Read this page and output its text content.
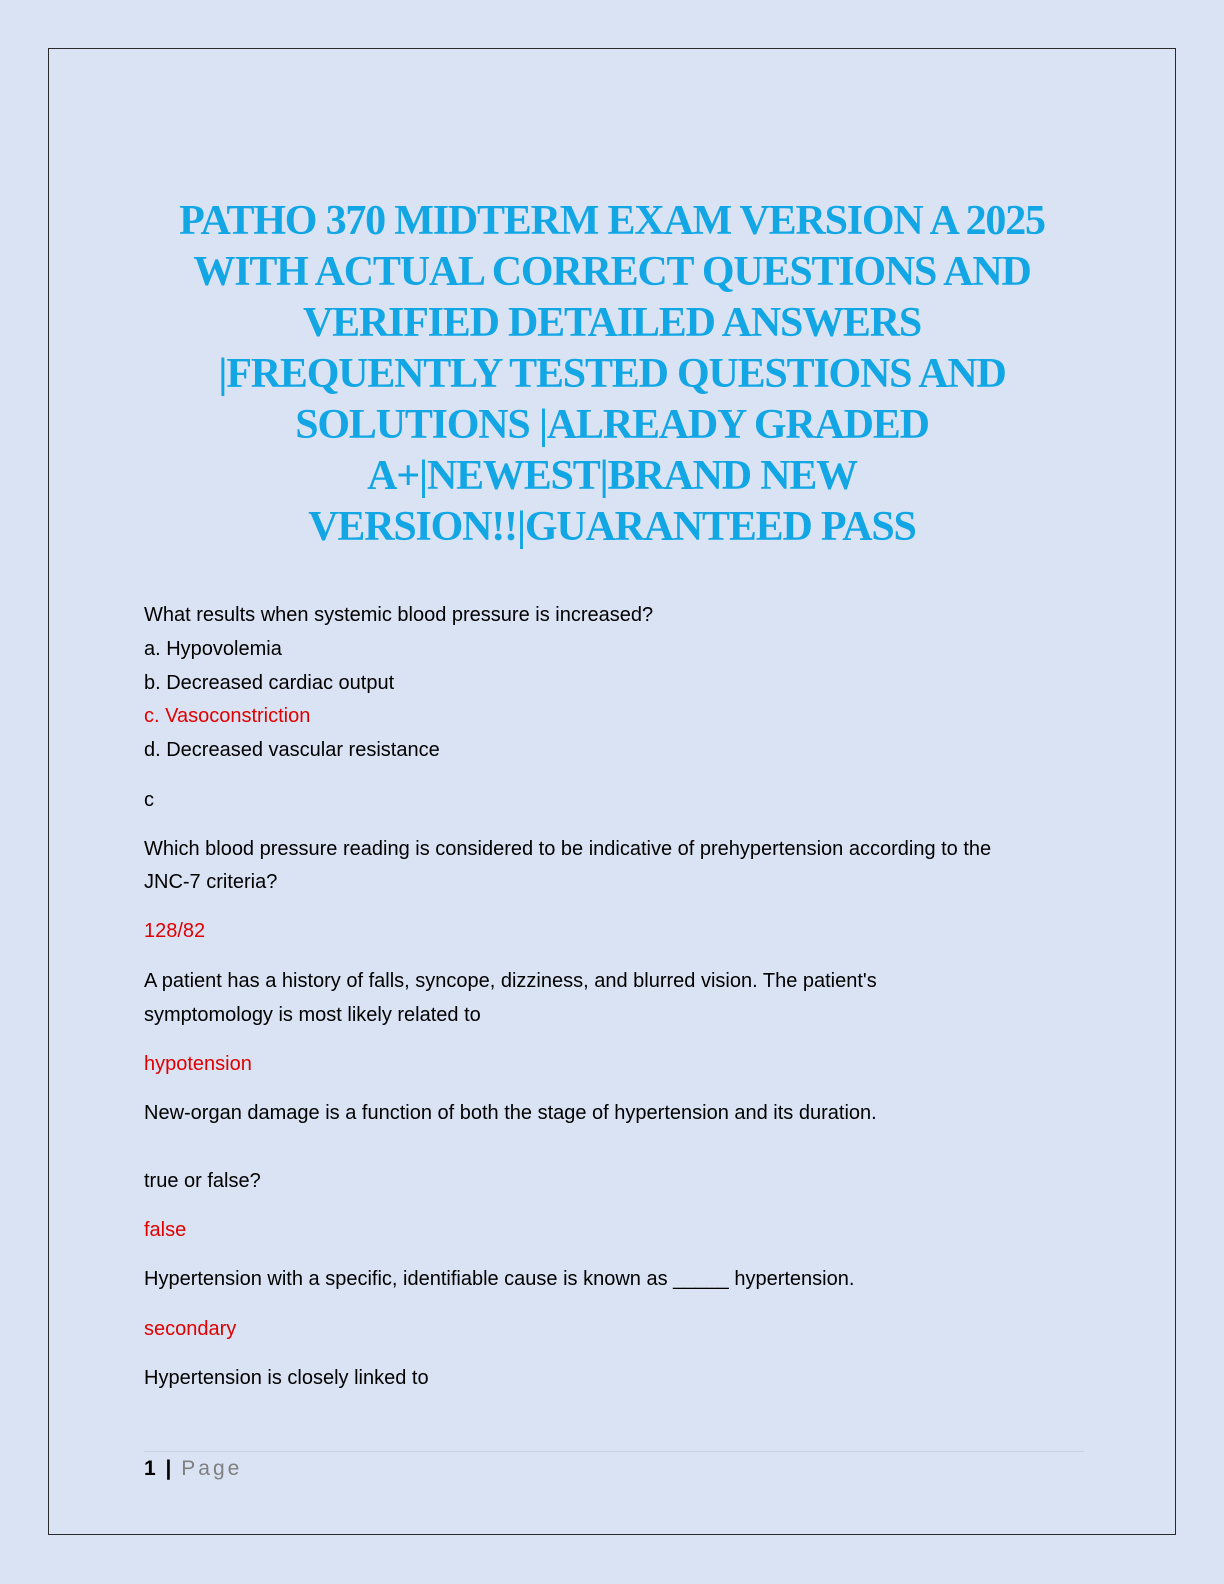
PATHO 370 MIDTERM EXAM VERSION A 2025
WITH ACTUAL CORRECT QUESTIONS AND
VERIFIED DETAILED ANSWERS
|FREQUENTLY TESTED QUESTIONS AND
SOLUTIONS |ALREADY GRADED
A+|NEWEST|BRAND NEW
VERSION!!|GUARANTEED PASS
What results when systemic blood pressure is increased?
a. Hypovolemia
b. Decreased cardiac output
c. Vasoconstriction
d. Decreased vascular resistance
c
Which blood pressure reading is considered to be indicative of prehypertension according to the
JNC-7 criteria?
128/82
A patient has a history of falls, syncope, dizziness, and blurred vision. The patient's
symptomology is most likely related to
hypotension
New-organ damage is a function of both the stage of hypertension and its duration.
true or false?
false
Hypertension with a specific, identifiable cause is known as _____ hypertension.
secondary
Hypertension is closely linked to
1 | Page
